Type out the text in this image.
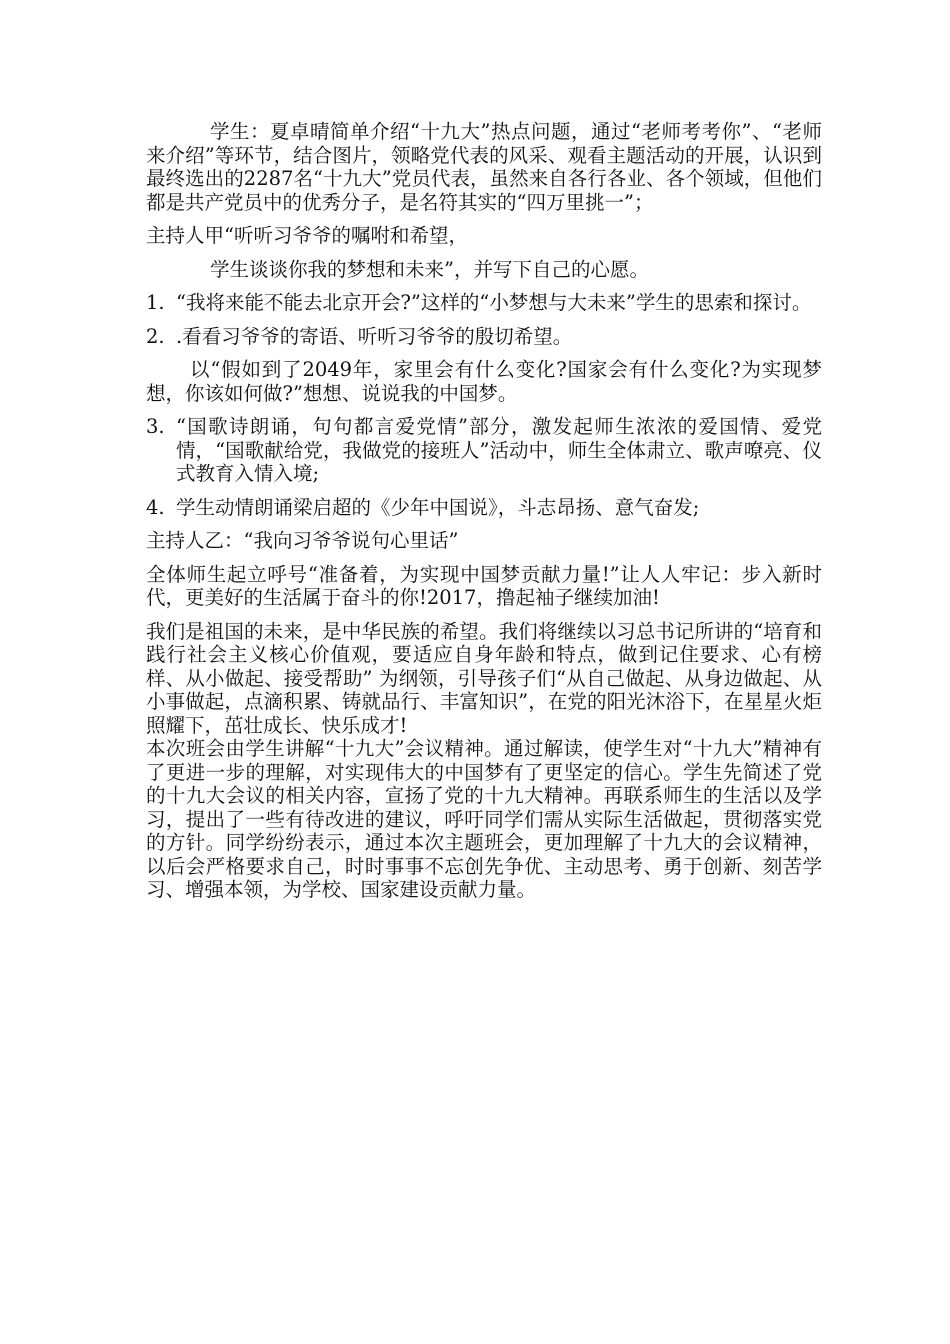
学生：夏卓晴简单介绍“十九大”热点问题，通过“老师考考你”、“老师来介绍”等环节，结合图片，领略党代表的风采、观看主题活动的开展，认识到最终选出的2287名“十九大”党员代表，虽然来自各行各业、各个领域，但他们都是共产党员中的优秀分子，是名符其实的“四万里挑一”；

主持人甲“听听习爷爷的嘱咐和希望，

学生谈谈你我的梦想和未来”，并写下自己的心愿。

1. “我将来能不能去北京开会?”这样的“小梦想与大未来”学生的思索和探讨。
2. .看看习爷爷的寄语、听听习爷爷的殷切希望。

以“假如到了2049年，家里会有什么变化?国家会有什么变化?为实现梦想，你该如何做?”想想、说说我的中国梦。

3. “国歌诗朗诵，句句都言爱党情”部分，激发起师生浓浓的爱国情、爱党情，“国歌献给党，我做党的接班人”活动中，师生全体肃立、歌声嘹亮、仪式教育入情入境;
4. 学生动情朗诵梁启超的《少年中国说》，斗志昂扬、意气奋发;

主持人乙：“我向习爷爷说句心里话”

全体师生起立呼号“准备着，为实现中国梦贡献力量!”让人人牢记：步入新时代，更美好的生活属于奋斗的你!2017，撸起袖子继续加油!

我们是祖国的未来，是中华民族的希望。我们将继续以习总书记所讲的“培育和践行社会主义核心价值观，要适应自身年龄和特点，做到记住要求、心有榜样、从小做起、接受帮助” 为纲领，引导孩子们“从自己做起、从身边做起、从小事做起，点滴积累、铸就品行、丰富知识”，在党的阳光沐浴下，在星星火炬照耀下，茁壮成长、快乐成才!

本次班会由学生讲解“十九大”会议精神。通过解读，使学生对“十九大”精神有了更进一步的理解，对实现伟大的中国梦有了更坚定的信心。学生先简述了党的十九大会议的相关内容，宣扬了党的十九大精神。再联系师生的生活以及学习，提出了一些有待改进的建议，呼吁同学们需从实际生活做起，贯彻落实党的方针。同学纷纷表示，通过本次主题班会，更加理解了十九大的会议精神，以后会严格要求自己，时时事事不忘创先争优、主动思考、勇于创新、刻苦学习、增强本领，为学校、国家建设贡献力量。
